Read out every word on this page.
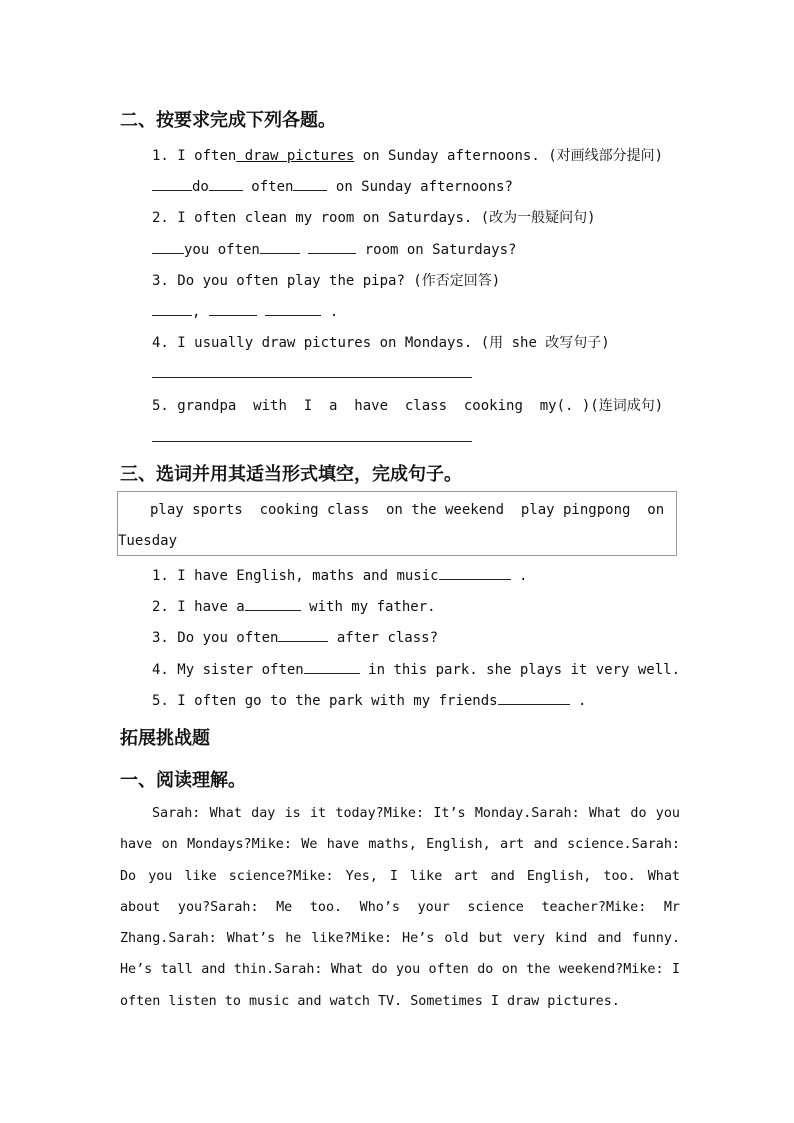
二、按要求完成下列各题。
1. I often draw pictures on Sunday afternoons. (对画线部分提问)
do	often	on Sunday afternoons?
2. I often clean my room on Saturdays. (改为一般疑问句)
you often	room on Saturdays?
3. Do you often play the pipa? (作否定回答)
,	.
4. I usually draw pictures on Mondays. (用 she 改写句子)
5. grandpa  with  I  a  have  class  cooking  my(. )(连词成句)
三、选词并用其适当形式填空，完成句子。
play sports  cooking class  on the weekend  play pingpong  on
Tuesday
1. I have English, maths and music	.
2. I have a	with my father.
3. Do you often	after class?
4. My sister often	in this park. she plays it very well.
5. I often go to the park with my friends	.
拓展挑战题
一、阅读理解。

Sarah: What day is it today?Mike: It’s Monday.Sarah: What do you have on Mondays?Mike: We have maths, English, art and science.Sarah: Do you like science?Mike: Yes, I like art and English, too. What about you?Sarah: Me too. Who’s your science teacher?Mike: Mr Zhang.Sarah: What’s he like?Mike: He’s old but very kind and funny. He’s tall and thin.Sarah: What do you often do on the weekend?Mike: I often listen to music and watch TV. Sometimes I draw pictures.
